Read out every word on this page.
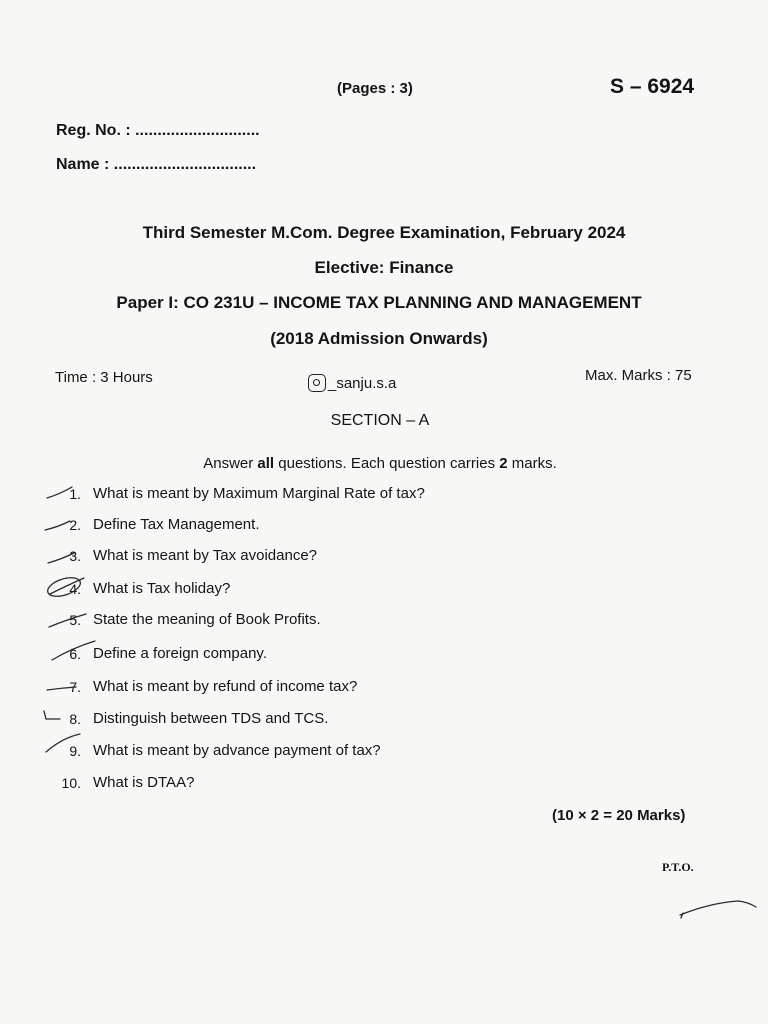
(Pages : 3)	S – 6924
Reg. No. : ............................
Name : ................................
Third Semester M.Com. Degree Examination, February 2024
Elective: Finance
Paper I: CO 231U – INCOME TAX PLANNING AND MANAGEMENT
(2018 Admission Onwards)
Time : 3 Hours	Max. Marks : 75
_sanju.s.a
SECTION – A
Answer all questions. Each question carries 2 marks.
1. What is meant by Maximum Marginal Rate of tax?
2. Define Tax Management.
3. What is meant by Tax avoidance?
4. What is Tax holiday?
5. State the meaning of Book Profits.
6. Define a foreign company.
7. What is meant by refund of income tax?
8. Distinguish between TDS and TCS.
9. What is meant by advance payment of tax?
10. What is DTAA?
(10 × 2 = 20 Marks)
P.T.O.
